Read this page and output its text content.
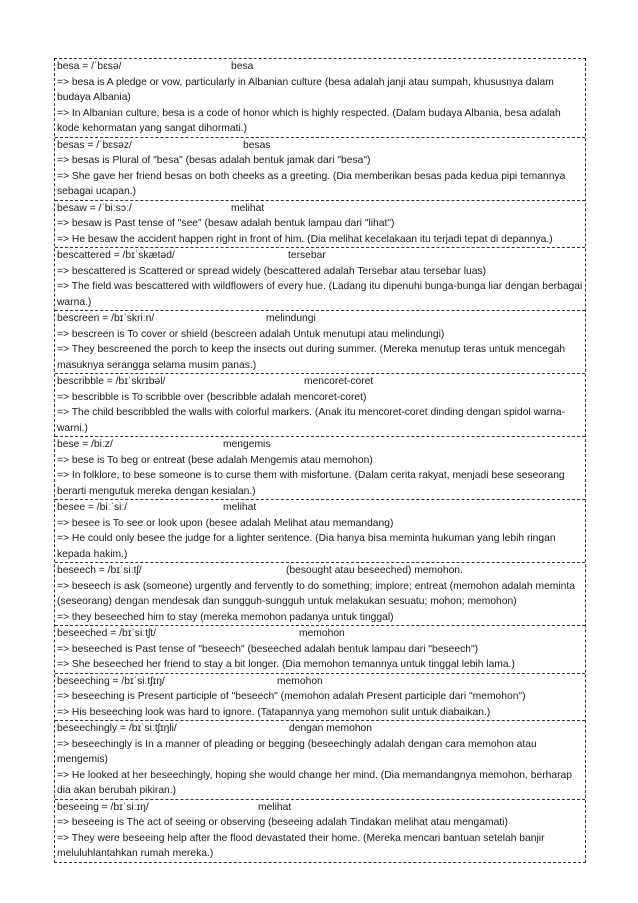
besa = /ˈbɛsə/	besa
=> besa is A pledge or vow, particularly in Albanian culture (besa adalah janji atau sumpah, khususnya dalam budaya Albania)
=> In Albanian culture, besa is a code of honor which is highly respected. (Dalam budaya Albania, besa adalah kode kehormatan yang sangat dihormati.)
besas = /ˈbɛsəz/	besas
=> besas is Plural of "besa" (besas adalah bentuk jamak dari "besa")
=> She gave her friend besas on both cheeks as a greeting. (Dia memberikan besas pada kedua pipi temannya sebagai ucapan.)
besaw = /ˈbiːsɔː/	melihat
=> besaw is Past tense of "see" (besaw adalah bentuk lampau dari "lihat")
=> He besaw the accident happen right in front of him. (Dia melihat kecelakaan itu terjadi tepat di depannya.)
bescattered = /bɪˈskætəd/	tersebar
=> bescattered is Scattered or spread widely (bescattered adalah Tersebar atau tersebar luas)
=> The field was bescattered with wildflowers of every hue. (Ladang itu dipenuhi bunga-bunga liar dengan berbagai warna.)
bescreen = /bɪˈskriːn/	melindungi
=> bescreen is To cover or shield (bescreen adalah Untuk menutupi atau melindungi)
=> They bescreened the porch to keep the insects out during summer. (Mereka menutup teras untuk mencegah masuknya serangga selama musim panas.)
bescribble = /bɪˈskrɪbəl/	mencoret-coret
=> bescribble is To scribble over (bescribble adalah mencoret-coret)
=> The child bescribbled the walls with colorful markers. (Anak itu mencoret-coret dinding dengan spidol warna-warni.)
bese = /biːz/	mengemis
=> bese is To beg or entreat (bese adalah Mengemis atau memohon)
=> In folklore, to bese someone is to curse them with misfortune. (Dalam cerita rakyat, menjadi bese seseorang berarti mengutuk mereka dengan kesialan.)
besee = /biːˈsiː/	melihat
=> besee is To see or look upon (besee adalah Melihat atau memandang)
=> He could only besee the judge for a lighter sentence. (Dia hanya bisa meminta hukuman yang lebih ringan kepada hakim.)
beseech = /bɪˈsiːtʃ/	(besought atau beseeched) memohon.
=> beseech is ask (someone) urgently and fervently to do something; implore; entreat (memohon adalah meminta (seseorang) dengan mendesak dan sungguh-sungguh untuk melakukan sesuatu; mohon; memohon)
=> they beseeched him to stay (mereka memohon padanya untuk tinggal)
beseeched = /bɪˈsiːtʃt/	memohon
=> beseeched is Past tense of "beseech" (beseeched adalah bentuk lampau dari "beseech")
=> She beseeched her friend to stay a bit longer. (Dia memohon temannya untuk tinggal lebih lama.)
beseeching = /bɪˈsiːtʃɪŋ/	memohon
=> beseeching is Present participle of "beseech" (memohon adalah Present participle dari "memohon")
=> His beseeching look was hard to ignore. (Tatapannya yang memohon sulit untuk diabaikan.)
beseechingly = /bɪˈsiːtʃɪŋli/	dengan memohon
=> beseechingly is In a manner of pleading or begging (beseechingly adalah dengan cara memohon atau mengemis)
=> He looked at her beseechingly, hoping she would change her mind. (Dia memandangnya memohon, berharap dia akan berubah pikiran.)
beseeing = /bɪˈsiːɪŋ/	melihat
=> beseeing is The act of seeing or observing (beseeing adalah Tindakan melihat atau mengamati)
=> They were beseeing help after the flood devastated their home. (Mereka mencari bantuan setelah banjir meluluhlantahkan rumah mereka.)
